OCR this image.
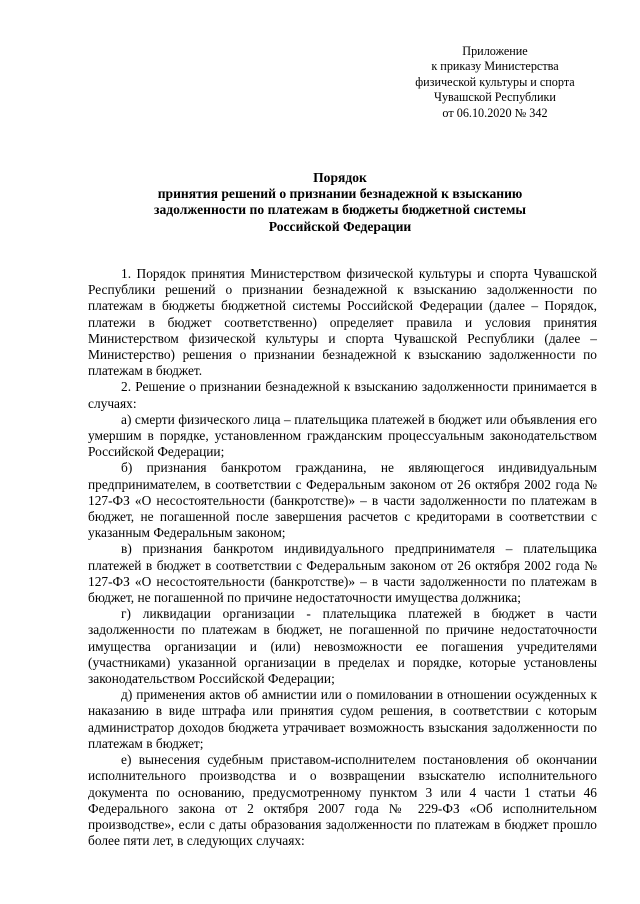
Приложение
к приказу Министерства
физической культуры и спорта
Чувашской Республики
от 06.10.2020 № 342
Порядок
принятия решений о признании безнадежной к взысканию
задолженности по платежам в бюджеты бюджетной системы
Российской Федерации

1. Порядок принятия Министерством физической культуры и спорта Чувашской Республики решений о признании безнадежной к взысканию задолженности по платежам в бюджеты бюджетной системы Российской Федерации (далее – Порядок, платежи в бюджет соответственно) определяет правила и условия принятия Министерством физической культуры и спорта Чувашской Республики (далее – Министерство) решения о признании безнадежной к взысканию задолженности по платежам в бюджет.

2. Решение о признании безнадежной к взысканию задолженности принимается в случаях:

а) смерти физического лица – плательщика платежей в бюджет или объявления его умершим в порядке, установленном гражданским процессуальным законодательством Российской Федерации;

б) признания банкротом гражданина, не являющегося индивидуальным предпринимателем, в соответствии с Федеральным законом от 26 октября 2002 года № 127-ФЗ «О несостоятельности (банкротстве)» – в части задолженности по платежам в бюджет, не погашенной после завершения расчетов с кредиторами в соответствии с указанным Федеральным законом;

в) признания банкротом индивидуального предпринимателя – плательщика платежей в бюджет в соответствии с Федеральным законом от 26 октября 2002 года № 127-ФЗ «О несостоятельности (банкротстве)» – в части задолженности по платежам в бюджет, не погашенной по причине недостаточности имущества должника;

г) ликвидации организации - плательщика платежей в бюджет в части задолженности по платежам в бюджет, не погашенной по причине недостаточности имущества организации и (или) невозможности ее погашения учредителями (участниками) указанной организации в пределах и порядке, которые установлены законодательством Российской Федерации;

д) применения актов об амнистии или о помиловании в отношении осужденных к наказанию в виде штрафа или принятия судом решения, в соответствии с которым администратор доходов бюджета утрачивает возможность взыскания задолженности по платежам в бюджет;

е) вынесения судебным приставом-исполнителем постановления об окончании исполнительного производства и о возвращении взыскателю исполнительного документа по основанию, предусмотренному пунктом 3 или 4 части 1 статьи 46 Федерального закона от 2 октября 2007 года № 229-ФЗ «Об исполнительном производстве», если с даты образования задолженности по платежам в бюджет прошло более пяти лет, в следующих случаях:
